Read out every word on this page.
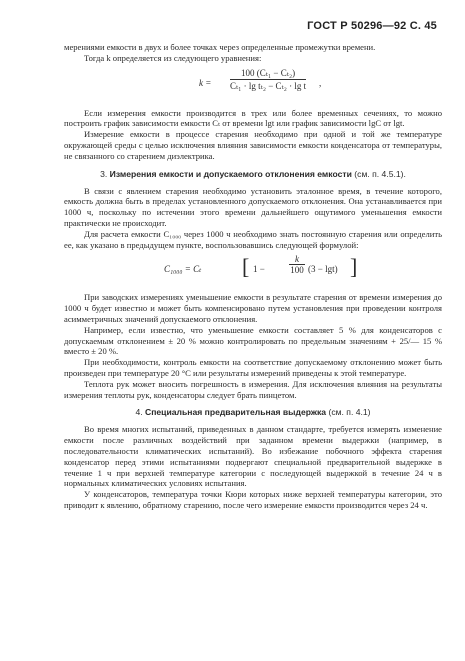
ГОСТ Р 50296—92 С. 45

мерениями емкости в двух и более точках через определенные промежутки времени.

Тогда k определяется из следующего уравнения:

$k = \frac{\text{100 (Cₜ₁ − Cₜ₂)}}{\text{Cₜ₁ · lg tₜ₂ − Cₜ₂ · lg t}}$ ,

Если измерения емкости производится в трех или более временных сечениях, то можно построить график зависимости емкости Cₜ от времени lgt или график зависимости lgC от lgt.

Измерение емкости в процессе старения необходимо при одной и той же температуре окружающей среды с целью исключения влияния зависимости емкости конденсатора от температуры, не связанного со старением диэлектрика.

3. Измерения емкости и допускаемого отклонения емкости (см. п. 4.5.1).

В связи с явлением старения необходимо установить эталонное время, в течение которого, емкость должна быть в пределах установленного допускаемого отклонения. Она устанавливается при 1000 ч, поскольку по истечении этого времени дальнейшего ощутимого уменьшения емкости практически не происходит.

Для расчета емкости C₁₀₀₀ через 1000 ч необходимо знать постоянную старения или определить ее, как указано в предыдущем пункте, воспользовавшись следующей формулой:

C₁₀₀₀ = Cₜ [ 1 −	$\frac{k}{100} (3 - \lg t)$ ]

При заводских измерениях уменьшение емкости в результате старения от времени измерения до 1000 ч будет известно и может быть компенсировано путем установления при проведении контроля асимметричных значений допускаемого отклонения.

Например, если известно, что уменьшение емкости составляет 5 % для конденсаторов с допускаемым отклонением ± 20 % можно контролировать по предельным значениям + 25/— 15 % вместо ± 20 %.

При необходимости, контроль емкости на соответствие допускаемому отклонению может быть произведен при температуре 20 °С или результаты измерений приведены к этой температуре.

Теплота рук может вносить погрешность в измерения. Для исключения влияния на результаты измерения теплоты рук, конденсаторы следует брать пинцетом.

4. Специальная предварительная выдержка (см. п. 4.1)

Во время многих испытаний, приведенных в данном стандарте, требуется измерять изменение емкости после различных воздействий при заданном времени выдержки (например, в последовательности климатических испытаний). Во избежание побочного эффекта старения конденсатор перед этими испытаниями подвергают специальной предварительной выдержке в течение 1 ч при верхней температуре категории с последующей выдержкой в течение 24 ч в нормальных климатических условиях испытания.

У конденсаторов, температура точки Кюри которых ниже верхней температуры категории, это приводит к явлению, обратному старению, после чего измерение емкости производится через 24 ч.
